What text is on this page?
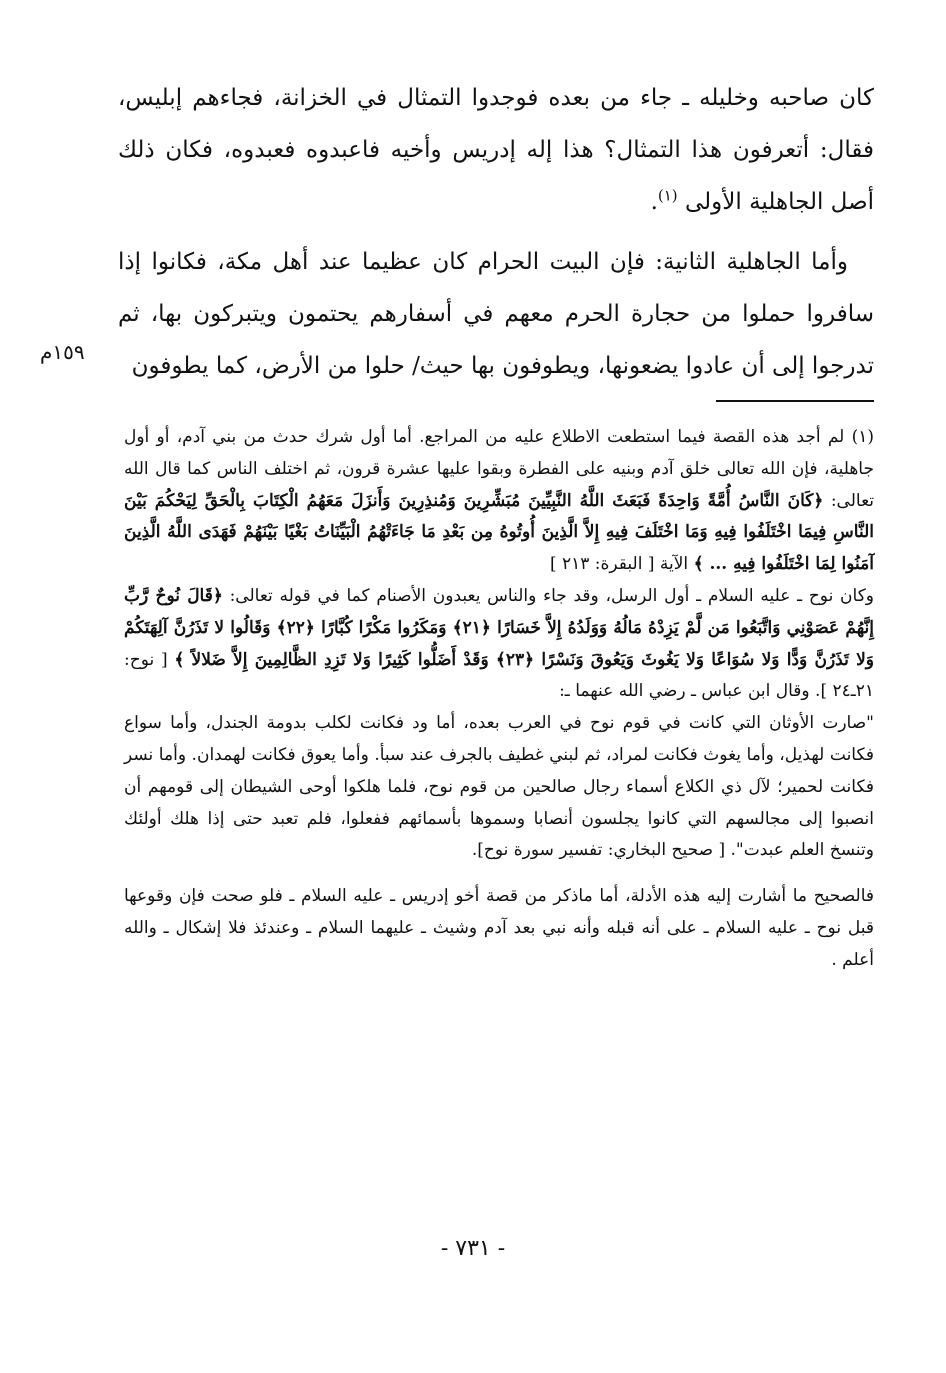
كان صاحبه وخليله ـ جاء من بعده فوجدوا التمثال في الخزانة، فجاءهم إبليس، فقال: أتعرفون هذا التمثال؟ هذا إله إدريس وأخيه فاعبدوه فعبدوه، فكان ذلك أصل الجاهلية الأولى $^{(١)}$.

وأما الجاهلية الثانية: فإن البيت الحرام كان عظيما عند أهل مكة، فكانوا إذا سافروا حملوا من حجارة الحرم معهم في أسفارهم يحتمون ويتبركون بها، ثم تدرجوا إلى أن عادوا يضعونها، ويطوفون بها حيث/ حلوا من الأرض، كما يطوفون

١٥٩م

(١) لم أجد هذه القصة فيما استطعت الاطلاع عليه من المراجع. أما أول شرك حدث من بني آدم، أو أول جاهلية، فإن الله تعالى خلق آدم وبنيه على الفطرة وبقوا عليها عشرة قرون، ثم اختلف الناس كما قال الله تعالى: ﴿كَانَ النَّاسُ أُمَّةً وَاحِدَةً فَبَعَثَ اللَّهُ النَّبِيِّينَ مُبَشِّرِينَ وَمُنذِرِينَ وَأَنزَلَ مَعَهُمُ الْكِتَابَ بِالْحَقِّ لِيَحْكُمَ بَيْنَ النَّاسِ فِيمَا اخْتَلَفُوا فِيهِ وَمَا اخْتَلَفَ فِيهِ إِلاَّ الَّذِينَ أُوتُوهُ مِن بَعْدِ مَا جَاءَتْهُمُ الْبَيِّنَاتُ بَغْيًا بَيْنَهُمْ فَهَدَى اللَّهُ الَّذِينَ آمَنُوا لِمَا اخْتَلَفُوا فِيهِ ... ﴾ الآية [ البقرة: ٢١٣ ]

وكان نوح ـ عليه السلام ـ أول الرسل، وقد جاء والناس يعبدون الأصنام كما في قوله تعالى: ﴿قَالَ نُوحٌ رَّبِّ إِنَّهُمْ عَصَوْنِي وَاتَّبَعُوا مَن لَّمْ يَزِدْهُ مَالُهُ وَوَلَدُهُ إِلاَّ خَسَارًا ﴿٢١﴾ وَمَكَرُوا مَكْرًا كُبَّارًا ﴿٢٢﴾ وَقَالُوا لا تَذَرُنَّ آلِهَتَكُمْ وَلا تَذَرُنَّ وَدًّا وَلا سُوَاعًا وَلا يَغُوثَ وَيَعُوقَ وَنَسْرًا ﴿٢٣﴾ وَقَدْ أَضَلُّوا كَثِيرًا وَلا تَزِدِ الظَّالِمِينَ إِلاَّ ضَلالاً ﴾ [ نوح: ٢١ـ٢٤ ]. وقال ابن عباس ـ رضي الله عنهما ـ:

"صارت الأوثان التي كانت في قوم نوح في العرب بعده، أما ود فكانت لكلب بدومة الجندل، وأما سواع فكانت لهذيل، وأما يغوث فكانت لمراد، ثم لبني غطيف بالجرف عند سبأ. وأما يعوق فكانت لهمدان. وأما نسر فكانت لحمير؛ لآل ذي الكلاع أسماء رجال صالحين من قوم نوح، فلما هلكوا أوحى الشيطان إلى قومهم أن انصبوا إلى مجالسهم التي كانوا يجلسون أنصابا وسموها بأسمائهم ففعلوا، فلم تعبد حتى إذا هلك أولئك وتنسخ العلم عبدت". [ صحيح البخاري: تفسير سورة نوح].

فالصحيح ما أشارت إليه هذه الأدلة، أما ماذكر من قصة أخو إدريس ـ عليه السلام ـ فلو صحت فإن وقوعها قبل نوح ـ عليه السلام ـ على أنه قبله وأنه نبي بعد آدم وشيث ـ عليهما السلام ـ وعندئذ فلا إشكال ـ والله أعلم .

- ٧٣١ -
